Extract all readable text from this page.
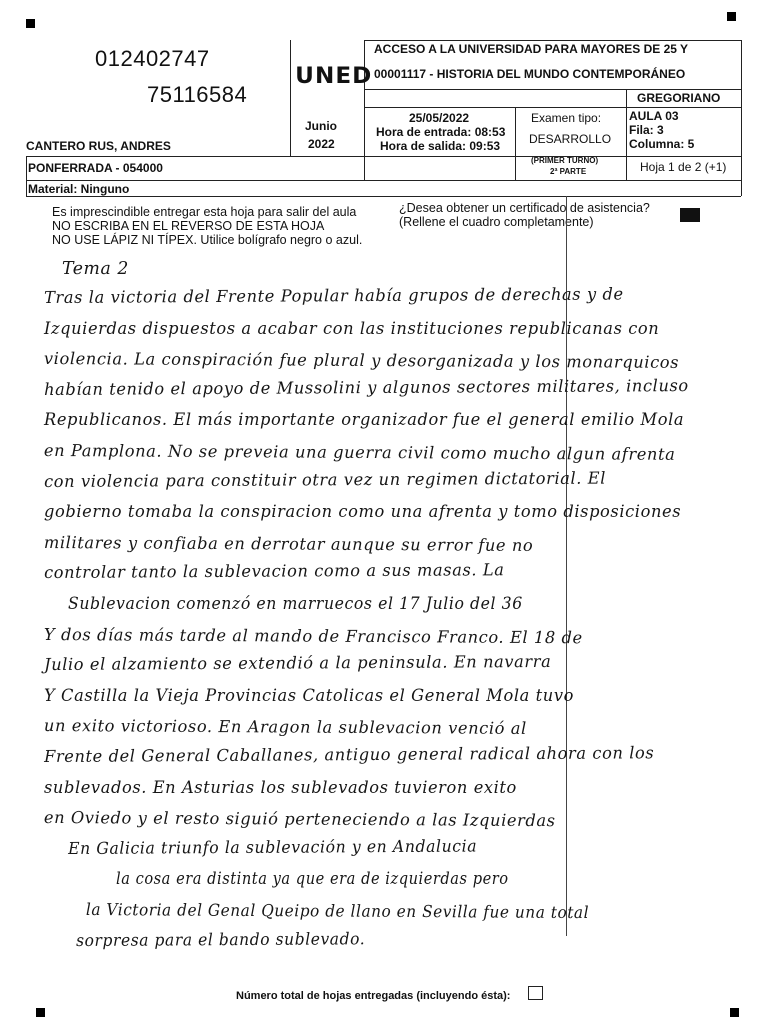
012402747
75116584
UNED
ACCESO A LA UNIVERSIDAD PARA MAYORES DE 25 Y
00001117 - HISTORIA DEL MUNDO CONTEMPORÁNEO
GREGORIANO
CANTERO RUS, ANDRES
Junio
2022
25/05/2022
Hora de entrada: 08:53
Hora de salida: 09:53
Examen tipo:
DESARROLLO
AULA 03
Fila: 3
Columna: 5
PONFERRADA - 054000
(PRIMER TURNO)
2ª PARTE	Hoja 1 de 2 (+1)
Material: Ninguno
Es imprescindible entregar esta hoja para salir del aula
NO ESCRIBA EN EL REVERSO DE ESTA HOJA
NO USE LÁPIZ NI TÍPEX. Utilice bolígrafo negro o azul.
¿Desea obtener un certificado de asistencia?
(Rellene el cuadro completamente)
Tema 2
Tras la victoria del Frente Popular había grupos de derechas y de
Izquierdas dispuestos a acabar con las instituciones republicanas con
violencia. La conspiración fue plural y desorganizada y los monarquicos
habían tenido el apoyo de Mussolini y algunos sectores militares, incluso
Republicanos. El más importante organizador fue el general emilio Mola
en Pamplona. No se preveia una guerra civil como mucho algun afrenta
con violencia para constituir otra vez un regimen dictatorial. El
gobierno tomaba la conspiracion como una afrenta y tomo disposiciones
militares y confiaba en derrotar aunque su error fue no
controlar tanto la sublevacion como a sus masas. La
Sublevacion comenzó en marruecos el 17 Julio del 36
Y dos días más tarde al mando de Francisco Franco. El 18 de
Julio el alzamiento se extendió a la peninsula. En navarra
Y Castilla la Vieja Provincias Catolicas el General Mola tuvo
un exito victorioso. En Aragon la sublevacion venció al
Frente del General Caballanes, antiguo general radical ahora con los
sublevados. En Asturias los sublevados tuvieron exito
en Oviedo y el resto siguió perteneciendo a las Izquierdas
En Galicia triunfo la sublevación y en Andalucia
la cosa era distinta ya que era de izquierdas pero
la Victoria del Genal Queipo de llano en Sevilla fue una total
sorpresa para el bando sublevado.
Número total de hojas entregadas (incluyendo ésta):
